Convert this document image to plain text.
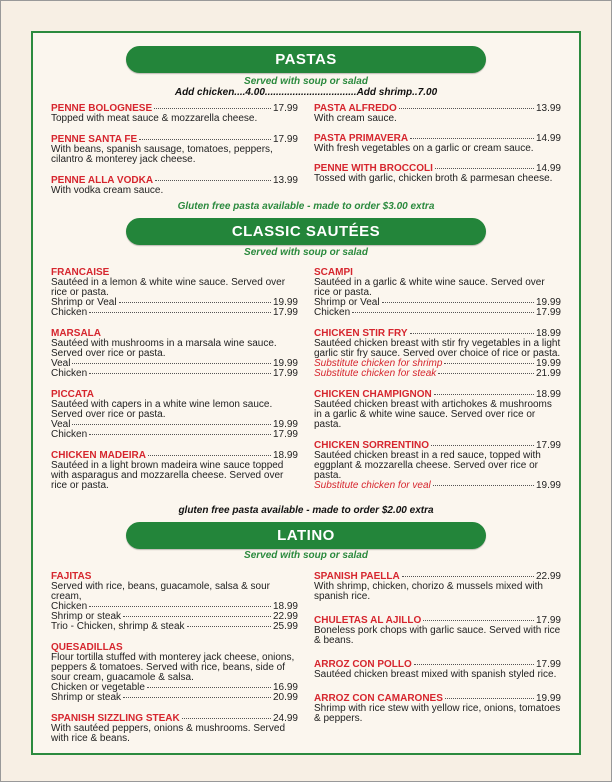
PASTAS
Served with soup or salad
Add chicken....4.00.................................Add shrimp..7.00
PENNE BOLOGNESE	17.99
Topped with meat sauce & mozzarella cheese.
PENNE SANTA FE	17.99
With beans, spanish sausage, tomatoes, peppers, cilantro & monterey jack cheese.
PENNE ALLA VODKA	13.99
With vodka cream sauce.
PASTA ALFREDO	13.99
With cream sauce.
PASTA PRIMAVERA	14.99
With fresh vegetables on a garlic or cream sauce.
PENNE WITH BROCCOLI	14.99
Tossed with garlic, chicken broth & parmesan cheese.
Gluten free pasta available - made to order $3.00 extra
CLASSIC SAUTÉES
Served with soup or salad
FRANCAISE
Sautéed in a lemon & white wine sauce. Served over rice or pasta.
Shrimp or Veal	19.99
Chicken	17.99
MARSALA
Sautéed with mushrooms in a marsala wine sauce. Served over rice or pasta.
Veal	19.99
Chicken	17.99
PICCATA
Sautéed with capers in a white wine lemon sauce. Served over rice or pasta.
Veal	19.99
Chicken	17.99
CHICKEN MADEIRA	18.99
Sautéed in a light brown madeira wine sauce topped with asparagus and mozzarella cheese. Served over rice or pasta.
SCAMPI
Sautéed in a garlic & white wine sauce. Served over rice or pasta.
Shrimp or Veal	19.99
Chicken	17.99
CHICKEN STIR FRY	18.99
Sautéed chicken breast with stir fry vegetables in a light garlic stir fry sauce. Served over choice of rice or pasta.
Substitute chicken for shrimp	19.99
Substitute chicken for steak	21.99
CHICKEN CHAMPIGNON	18.99
Sautéed chicken breast with artichokes & mushrooms in a garlic & white wine sauce. Served over rice or pasta.
CHICKEN SORRENTINO	17.99
Sautéed chicken breast in a red sauce, topped with eggplant & mozzarella cheese. Served over rice or pasta.
Substitute chicken for veal	19.99
gluten free pasta available - made to order $2.00 extra
LATINO
Served with soup or salad
FAJITAS
Served with rice, beans, guacamole, salsa & sour cream,
Chicken	18.99
Shrimp or steak	22.99
Trio - Chicken, shrimp & steak	25.99
QUESADILLAS
Flour tortilla stuffed with monterey jack cheese, onions, peppers & tomatoes. Served with rice, beans, side of sour cream, guacamole & salsa.
Chicken or vegetable	16.99
Shrimp or steak	20.99
SPANISH SIZZLING STEAK	24.99
With sautéed peppers, onions & mushrooms. Served with rice & beans.
SPANISH PAELLA	22.99
With shrimp, chicken, chorizo & mussels mixed with spanish rice.
CHULETAS AL AJILLO	17.99
Boneless pork chops with garlic sauce. Served with rice & beans.
ARROZ CON POLLO	17.99
Sautéed chicken breast mixed with spanish styled rice.
ARROZ CON CAMARONES	19.99
Shrimp with rice stew with yellow rice, onions, tomatoes & peppers.
